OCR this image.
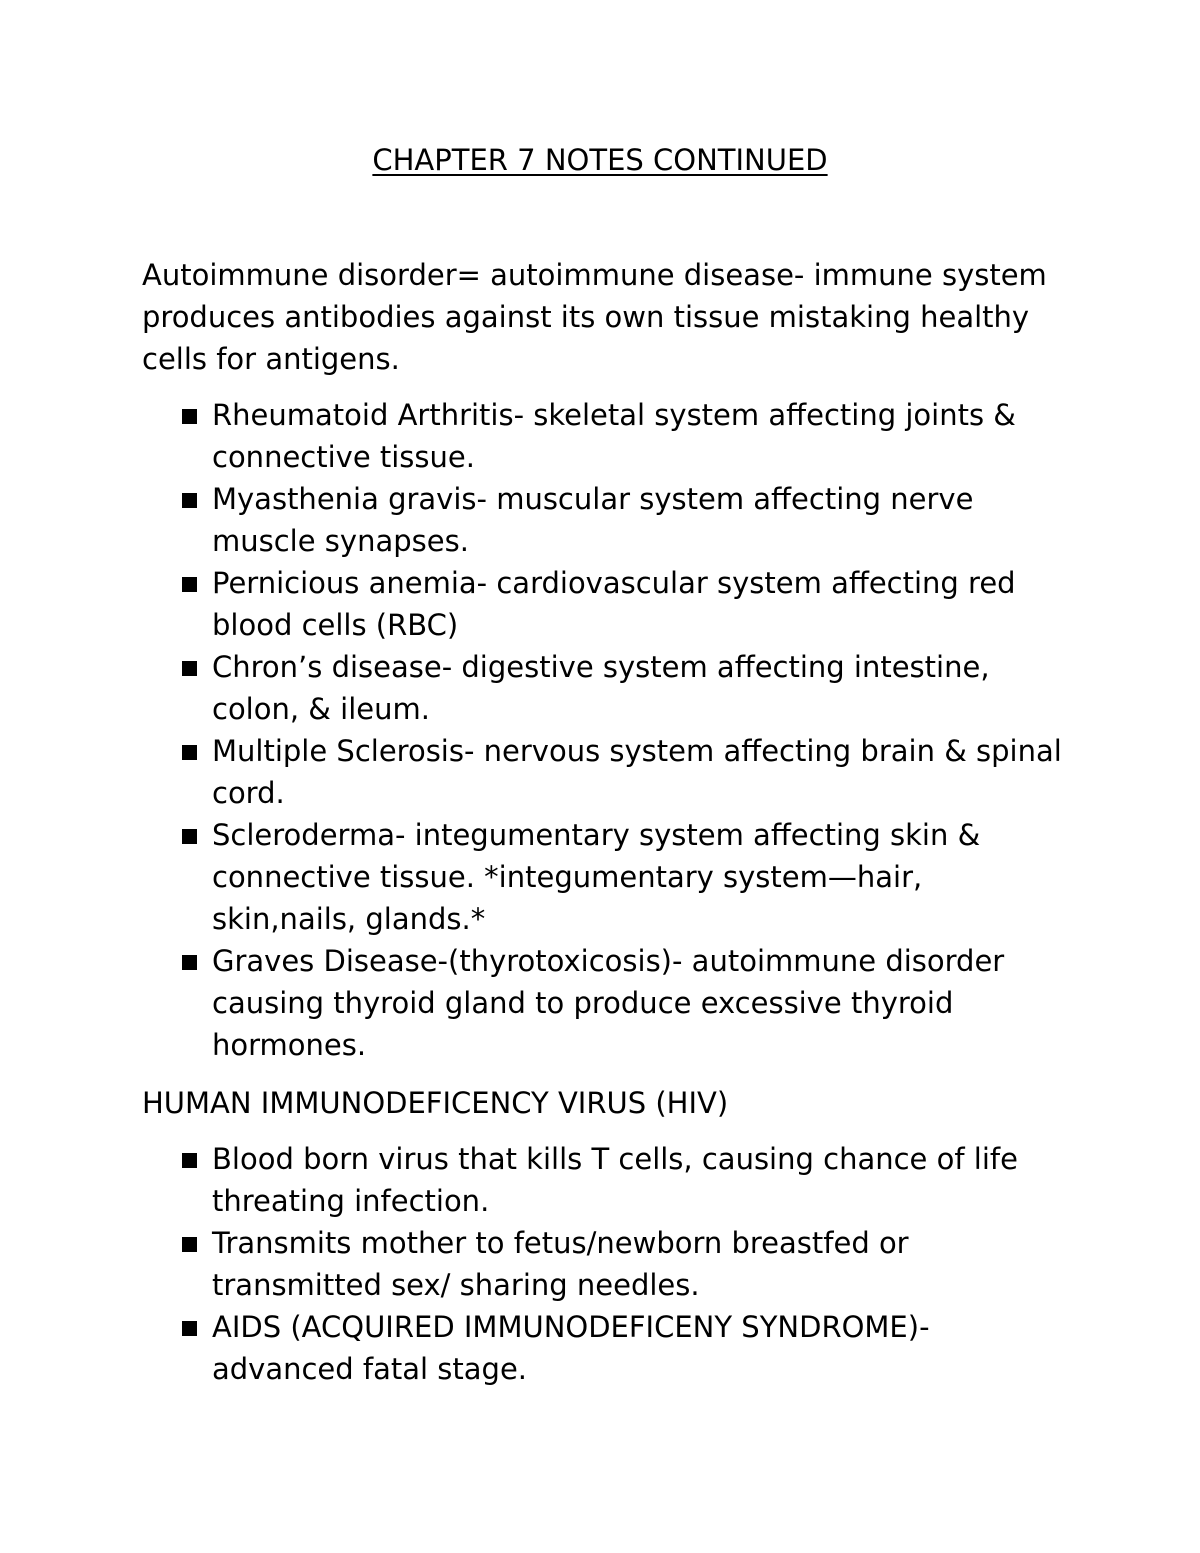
CHAPTER 7 NOTES CONTINUED

Autoimmune disorder= autoimmune disease- immune system produces antibodies against its own tissue mistaking healthy cells for antigens.

Rheumatoid Arthritis- skeletal system affecting joints & connective tissue.
Myasthenia gravis- muscular system affecting nerve muscle synapses.
Pernicious anemia- cardiovascular system affecting red blood cells (RBC)
Chron’s disease- digestive system affecting intestine, colon, & ileum.
Multiple Sclerosis- nervous system affecting brain & spinal cord.
Scleroderma- integumentary system affecting skin & connective tissue. *integumentary system—hair, skin,nails, glands.*
Graves Disease-(thyrotoxicosis)- autoimmune disorder causing thyroid gland to produce excessive thyroid hormones.

HUMAN IMMUNODEFICENCY VIRUS (HIV)

Blood born virus that kills T cells, causing chance of life threating infection.
Transmits mother to fetus/newborn breastfed or transmitted sex/ sharing needles.
AIDS (ACQUIRED IMMUNODEFICENY SYNDROME)- advanced fatal stage.
